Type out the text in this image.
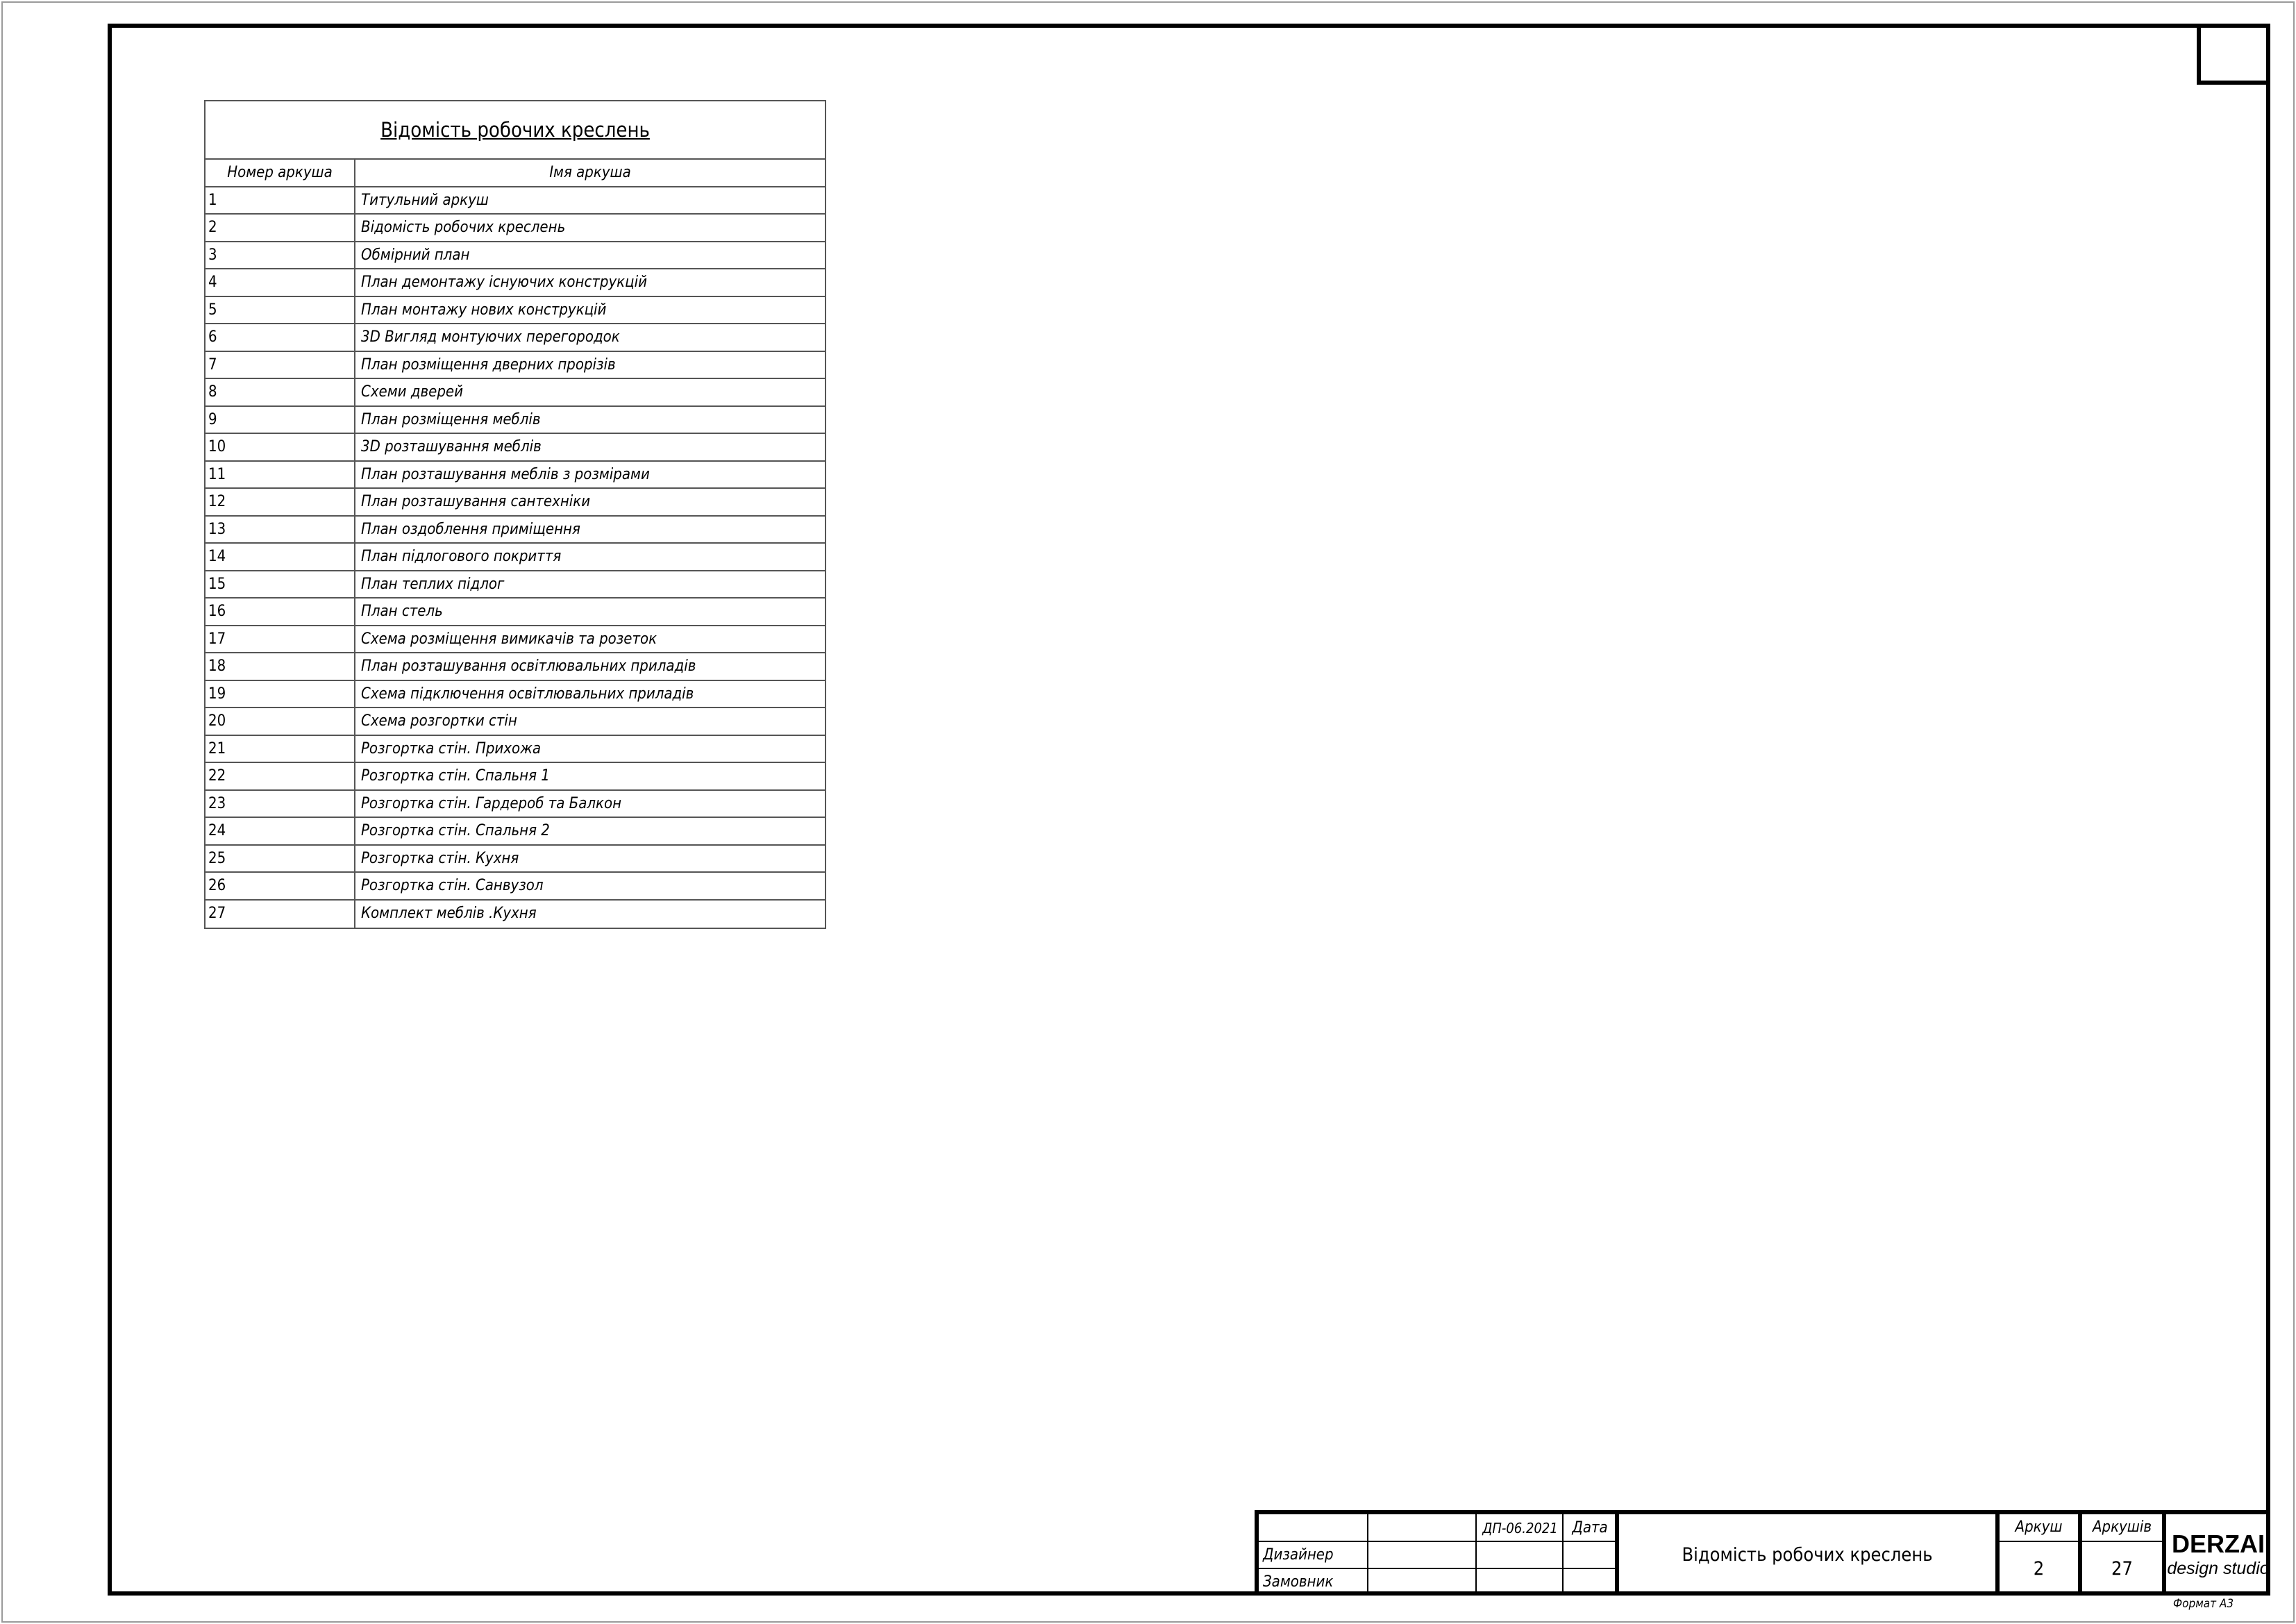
Відомість робочих креслень
Номер аркуша	Імя аркуша
1	Титульний аркуш
2	Відомість робочих креслень
3	Обмірний план
4	План демонтажу існуючих конструкцій
5	План монтажу нових конструкцій
6	3D Вигляд монтуючих перегородок
7	План розміщення дверних прорізів
8	Схеми дверей
9	План розміщення меблів
10	3D розташування меблів
11	План розташування меблів з розмірами
12	План розташування сантехніки
13	План оздоблення приміщення
14	План підлогового покриття
15	План теплих підлог
16	План стель
17	Схема розміщення вимикачів та розеток
18	План розташування освітлювальних приладів
19	Схема підключення освітлювальних приладів
20	Схема розгортки стін
21	Розгортка стін. Прихожа
22	Розгортка стін. Спальня 1
23	Розгортка стін. Гардероб та Балкон
24	Розгортка стін. Спальня 2
25	Розгортка стін. Кухня
26	Розгортка стін. Санвузол
27	Комплект меблів .Кухня
ДП-06.2021 Дата
Дизайнер
Замовник
Відомість робочих креслень
Аркуш	Аркушів
2	27
DERZAI
design studio
Формат А3
